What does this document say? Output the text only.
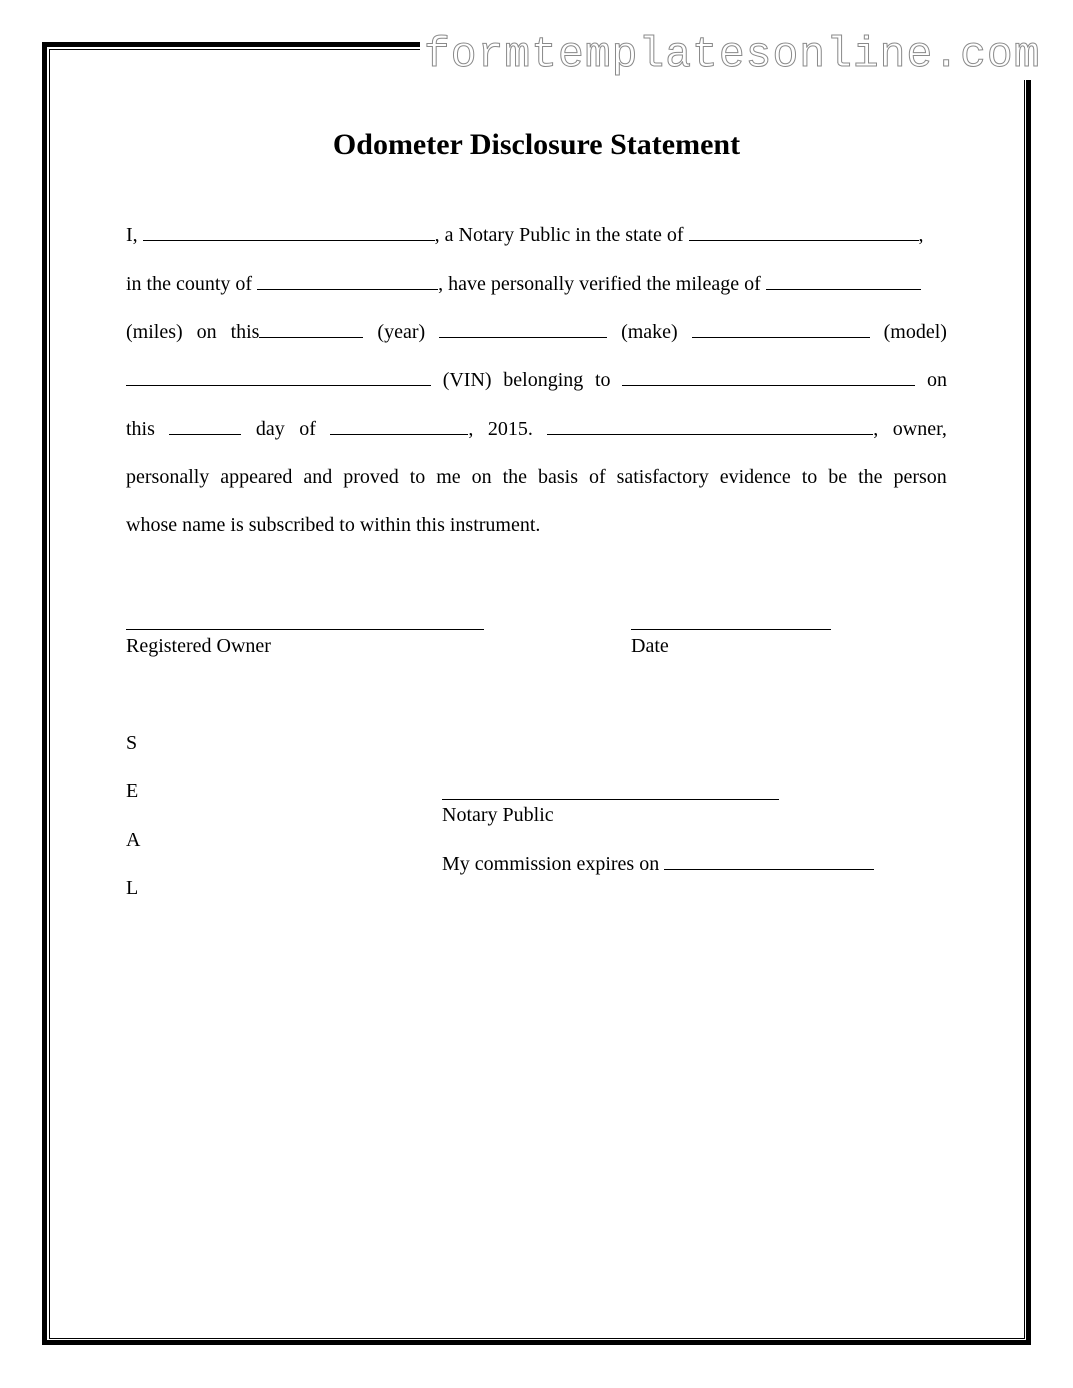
formtemplatesonline.com
Odometer Disclosure Statement
I,	, a Notary Public in the state of	,
in the county of	, have personally verified the mileage of
(miles) on this	(year)	(make)	(model)
(VIN) belonging to	on
this	day of	, 2015.	, owner,
personally appeared and proved to me on the basis of satisfactory evidence to be the person
whose name is subscribed to within this instrument.
Registered Owner	Date
S
E
A
L
Notary Public
My commission expires on
